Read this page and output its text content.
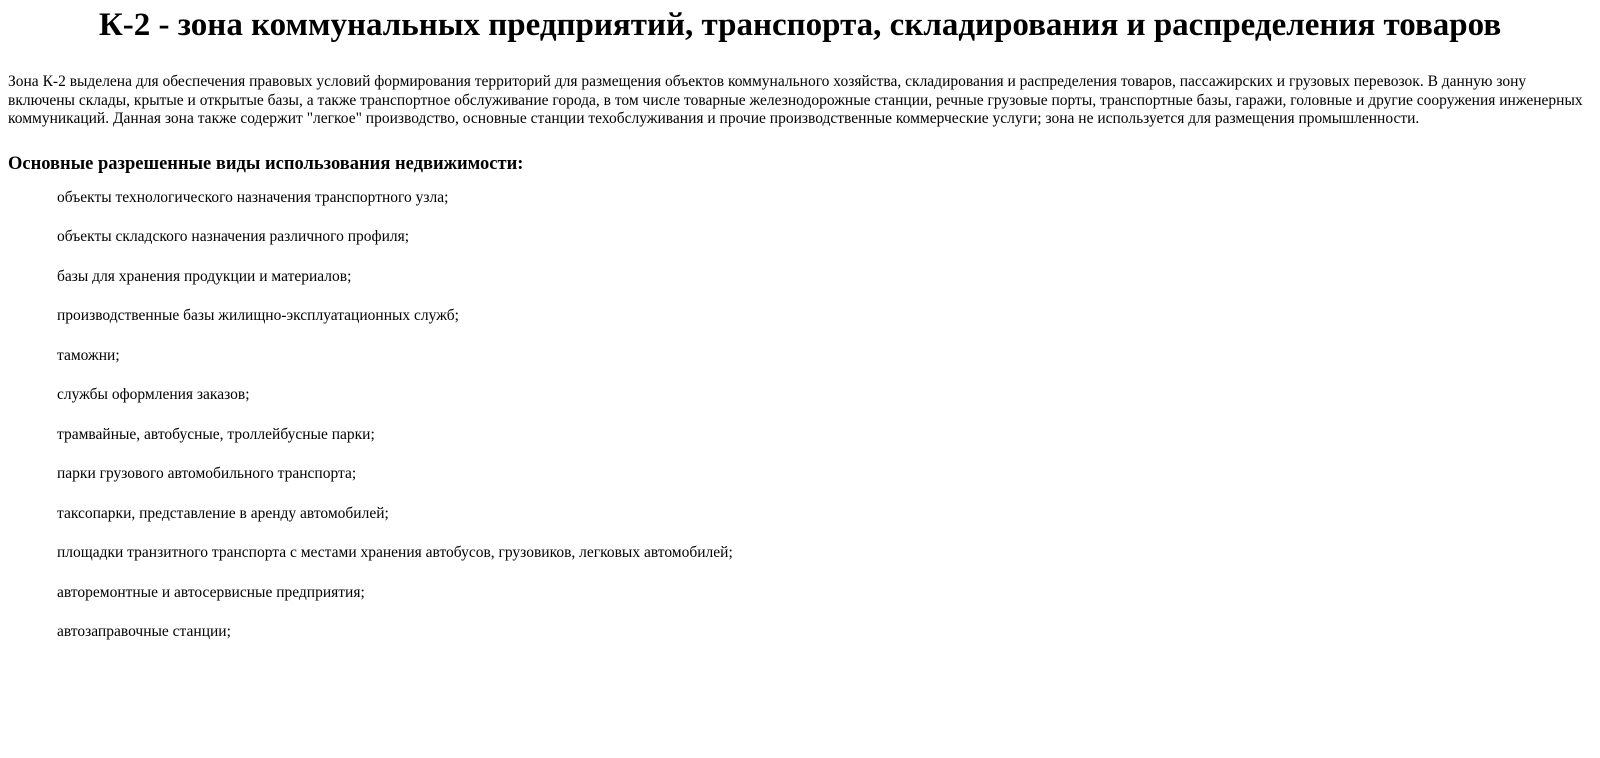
К-2 - зона коммунальных предприятий, транспорта, складирования и распределения товаров

Зона К-2 выделена для обеспечения правовых условий формирования территорий для размещения объектов коммунального хозяйства, складирования и распределения товаров, пассажирских и грузовых перевозок. В данную зону включены склады, крытые и открытые базы, а также транспортное обслуживание города, в том числе товарные железнодорожные станции, речные грузовые порты, транспортные базы, гаражи, головные и другие сооружения инженерных коммуникаций. Данная зона также содержит "легкое" производство, основные станции техобслуживания и прочие производственные коммерческие услуги; зона не используется для размещения промышленности.

Основные разрешенные виды использования недвижимости:
объекты технологического назначения транспортного узла;
объекты складского назначения различного профиля;
базы для хранения продукции и материалов;
производственные базы жилищно-эксплуатационных служб;
таможни;
службы оформления заказов;
трамвайные, автобусные, троллейбусные парки;
парки грузового автомобильного транспорта;
таксопарки, представление в аренду автомобилей;
площадки транзитного транспорта с местами хранения автобусов, грузовиков, легковых автомобилей;
авторемонтные и автосервисные предприятия;
автозаправочные станции;
